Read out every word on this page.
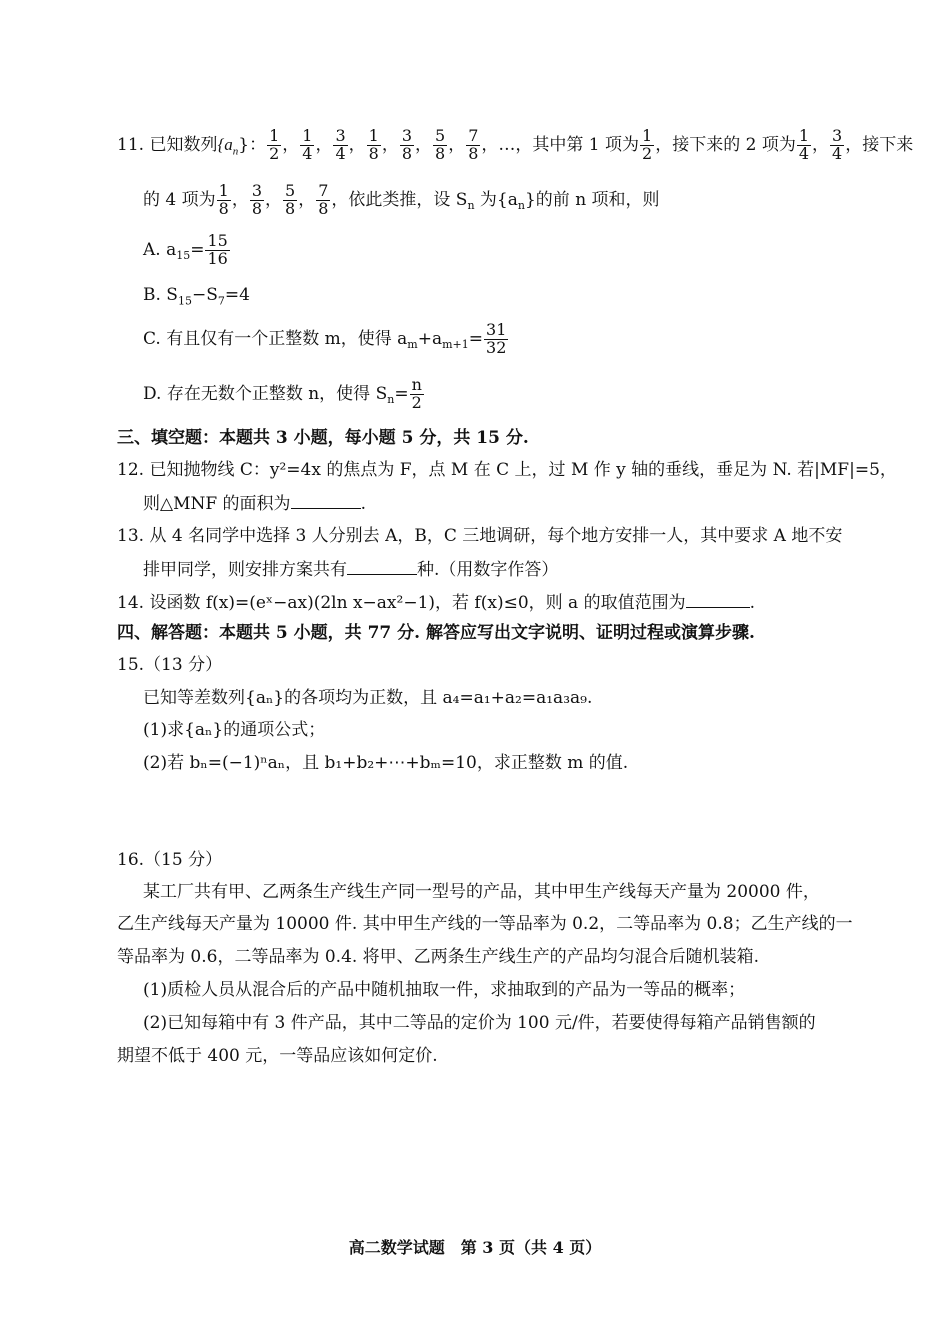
11. 已知数列$\{a_n\}$： $\frac{1}{2}$ ， $\frac{1}{4}$ ， $\frac{3}{4}$ ， $\frac{1}{8}$ ， $\frac{3}{8}$ ， $\frac{5}{8}$ ， $\frac{7}{8}$ ，…，其中第 1 项为 $\frac{1}{2}$ ，接下来的 2 项为 $\frac{1}{4}$ ， $\frac{3}{4}$ ，接下来
的 4 项为 $\frac{1}{8}$ ， $\frac{3}{8}$ ， $\frac{5}{8}$ ， $\frac{7}{8}$ ，依此类推，设 $S_n$ 为$\{a_n\}$的前 n 项和，则
A. $a_{15}= \frac{15}{16}$
B. $S_{15}-S_7=4$
C. 有且仅有一个正整数 m，使得 $a_m+a_{m+1}= \frac{31}{32}$
D. 存在无数个正整数 n，使得 $S_n= \frac{n}{2}$
三、填空题：本题共 3 小题，每小题 5 分，共 15 分.
12. 已知抛物线 C：y²=4x 的焦点为 F，点 M 在 C 上，过 M 作 y 轴的垂线，垂足为 N. 若|MF|=5，
则△MNF 的面积为	.
13. 从 4 名同学中选择 3 人分别去 A，B，C 三地调研，每个地方安排一人，其中要求 A 地不安
排甲同学，则安排方案共有	种.（用数字作答）
14. 设函数 f(x)=(eˣ−ax)(2ln x−ax²−1)，若 f(x)≤0，则 a 的取值范围为	.
四、解答题：本题共 5 小题，共 77 分. 解答应写出文字说明、证明过程或演算步骤.
15.（13 分）
已知等差数列{aₙ}的各项均为正数，且 a₄=a₁+a₂=a₁a₃a₉.
(1)求{aₙ}的通项公式；
(2)若 bₙ=(−1)ⁿaₙ，且 b₁+b₂+⋯+bₘ=10，求正整数 m 的值.
16.（15 分）
某工厂共有甲、乙两条生产线生产同一型号的产品，其中甲生产线每天产量为 20000 件，
乙生产线每天产量为 10000 件. 其中甲生产线的一等品率为 0.2，二等品率为 0.8；乙生产线的一
等品率为 0.6，二等品率为 0.4. 将甲、乙两条生产线生产的产品均匀混合后随机装箱.
(1)质检人员从混合后的产品中随机抽取一件，求抽取到的产品为一等品的概率；
(2)已知每箱中有 3 件产品，其中二等品的定价为 100 元/件，若要使得每箱产品销售额的
期望不低于 400 元，一等品应该如何定价.
高二数学试题　第 3 页（共 4 页）
